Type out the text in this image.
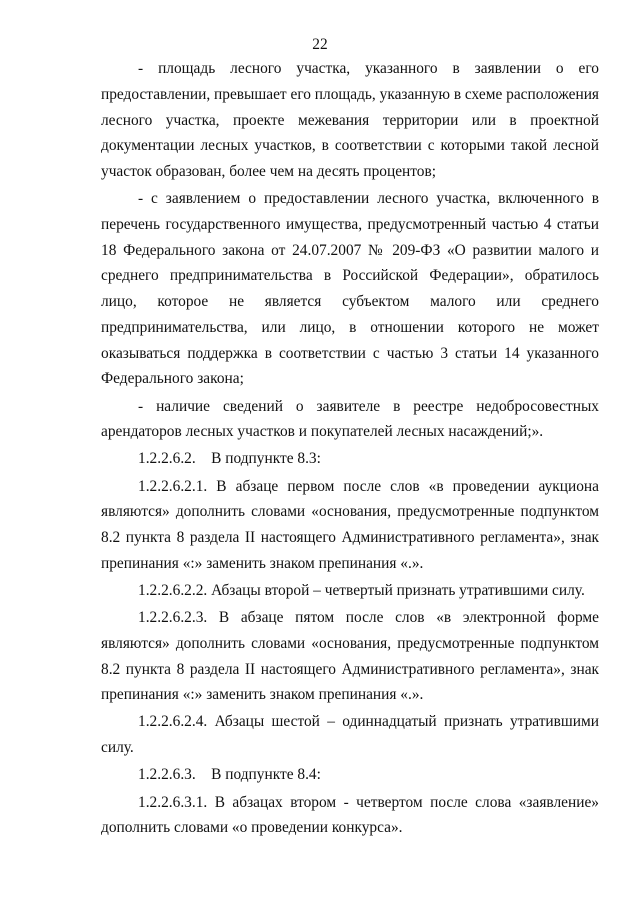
22

- площадь лесного участка, указанного в заявлении о его предоставлении, превышает его площадь, указанную в схеме расположения лесного участка, проекте межевания территории или в проектной документации лесных участков, в соответствии с которыми такой лесной участок образован, более чем на десять процентов;

- с заявлением о предоставлении лесного участка, включенного в перечень государственного имущества, предусмотренный частью 4 статьи 18 Федерального закона от 24.07.2007 № 209-ФЗ «О развитии малого и среднего предпринимательства в Российской Федерации», обратилось лицо, которое не является субъектом малого или среднего предпринимательства, или лицо, в отношении которого не может оказываться поддержка в соответствии с частью 3 статьи 14 указанного Федерального закона;

- наличие сведений о заявителе в реестре недобросовестных арендаторов лесных участков и покупателей лесных насаждений;».

1.2.2.6.2.    В подпункте 8.3:

1.2.2.6.2.1. В абзаце первом после слов «в проведении аукциона являются» дополнить словами «основания, предусмотренные подпунктом 8.2 пункта 8 раздела II настоящего Административного регламента», знак препинания «:» заменить знаком препинания «.».

1.2.2.6.2.2. Абзацы второй – четвертый признать утратившими силу.

1.2.2.6.2.3. В абзаце пятом после слов «в электронной форме являются» дополнить словами «основания, предусмотренные подпунктом 8.2 пункта 8 раздела II настоящего Административного регламента», знак препинания «:» заменить знаком препинания «.».

1.2.2.6.2.4. Абзацы шестой – одиннадцатый признать утратившими силу.

1.2.2.6.3.    В подпункте 8.4:

1.2.2.6.3.1. В абзацах втором - четвертом после слова «заявление» дополнить словами «о проведении конкурса».
